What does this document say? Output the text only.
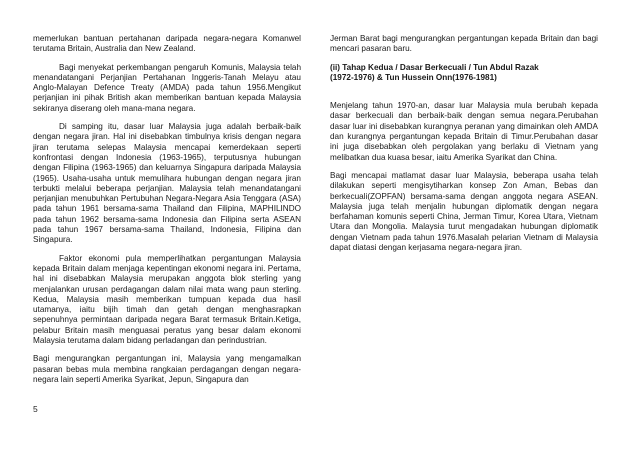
memerlukan bantuan pertahanan daripada negara-negara Komanwel terutama Britain, Australia dan New Zealand.

Bagi menyekat perkembangan pengaruh Komunis, Malaysia telah menandatangani Perjanjian Pertahanan Inggeris-Tanah Melayu atau Anglo-Malayan Defence Treaty (AMDA) pada tahun 1956.Mengikut perjanjian ini pihak British akan memberikan bantuan kepada Malaysia sekiranya diserang oleh mana-mana negara.

Di samping itu, dasar luar Malaysia juga adalah berbaik-baik dengan negara jiran. Hal ini disebabkan timbulnya krisis dengan negara jiran terutama selepas Malaysia mencapai kemerdekaan seperti konfrontasi dengan Indonesia (1963-1965), terputusnya hubungan dengan Filipina (1963-1965) dan keluarnya Singapura daripada Malaysia (1965). Usaha-usaha untuk memulihara hubungan dengan negara jiran terbukti melalui beberapa perjanjian. Malaysia telah menandatangani perjanjian menubuhkan Pertubuhan Negara-Negara Asia Tenggara (ASA) pada tahun 1961 bersama-sama Thailand dan Filipina, MAPHILINDO pada tahun 1962 bersama-sama Indonesia dan Filipina serta ASEAN pada tahun 1967 bersama-sama Thailand, Indonesia, Filipina dan Singapura.

Faktor ekonomi pula memperlihatkan pergantungan Malaysia kepada Britain dalam menjaga kepentingan ekonomi negara ini. Pertama, hal ini disebabkan Malaysia merupakan anggota blok sterling yang menjalankan urusan perdagangan dalam nilai mata wang paun sterling. Kedua, Malaysia masih memberikan tumpuan kepada dua hasil utamanya, iaitu bijih timah dan getah dengan menghasrapkan sepenuhnya permintaan daripada negara Barat termasuk Britain.Ketiga, pelabur Britain masih menguasai peratus yang besar dalam ekonomi Malaysia terutama dalam bidang perladangan dan perindustrian.

Bagi mengurangkan pergantungan ini, Malaysia yang mengamalkan pasaran bebas mula membina rangkaian perdagangan dengan negara-negara lain seperti Amerika Syarikat, Jepun, Singapura dan

Jerman Barat bagi mengurangkan pergantungan kepada Britain dan bagi mencari pasaran baru.

(ii) Tahap Kedua / Dasar Berkecuali / Tun Abdul Razak
(1972-1976) & Tun Hussein Onn(1976-1981)

Menjelang tahun 1970-an, dasar luar Malaysia mula berubah kepada dasar berkecuali dan berbaik-baik dengan semua negara.Perubahan dasar luar ini disebabkan kurangnya peranan yang dimainkan oleh AMDA dan kurangnya pergantungan kepada Britain di Timur.Perubahan dasar ini juga disebabkan oleh pergolakan yang berlaku di Vietnam yang melibatkan dua kuasa besar, iaitu Amerika Syarikat dan China.

Bagi mencapai matlamat dasar luar Malaysia, beberapa usaha telah dilakukan seperti mengisytiharkan konsep Zon Aman, Bebas dan berkecuali(ZOPFAN) bersama-sama dengan anggota negara ASEAN. Malaysia juga telah menjalin hubungan diplomatik dengan negara berfahaman komunis seperti China, Jerman Timur, Korea Utara, Vietnam Utara dan Mongolia. Malaysia turut mengadakan hubungan diplomatik dengan Vietnam pada tahun 1976.Masalah pelarian Vietnam di Malaysia dapat diatasi dengan kerjasama negara-negara jiran.

5
